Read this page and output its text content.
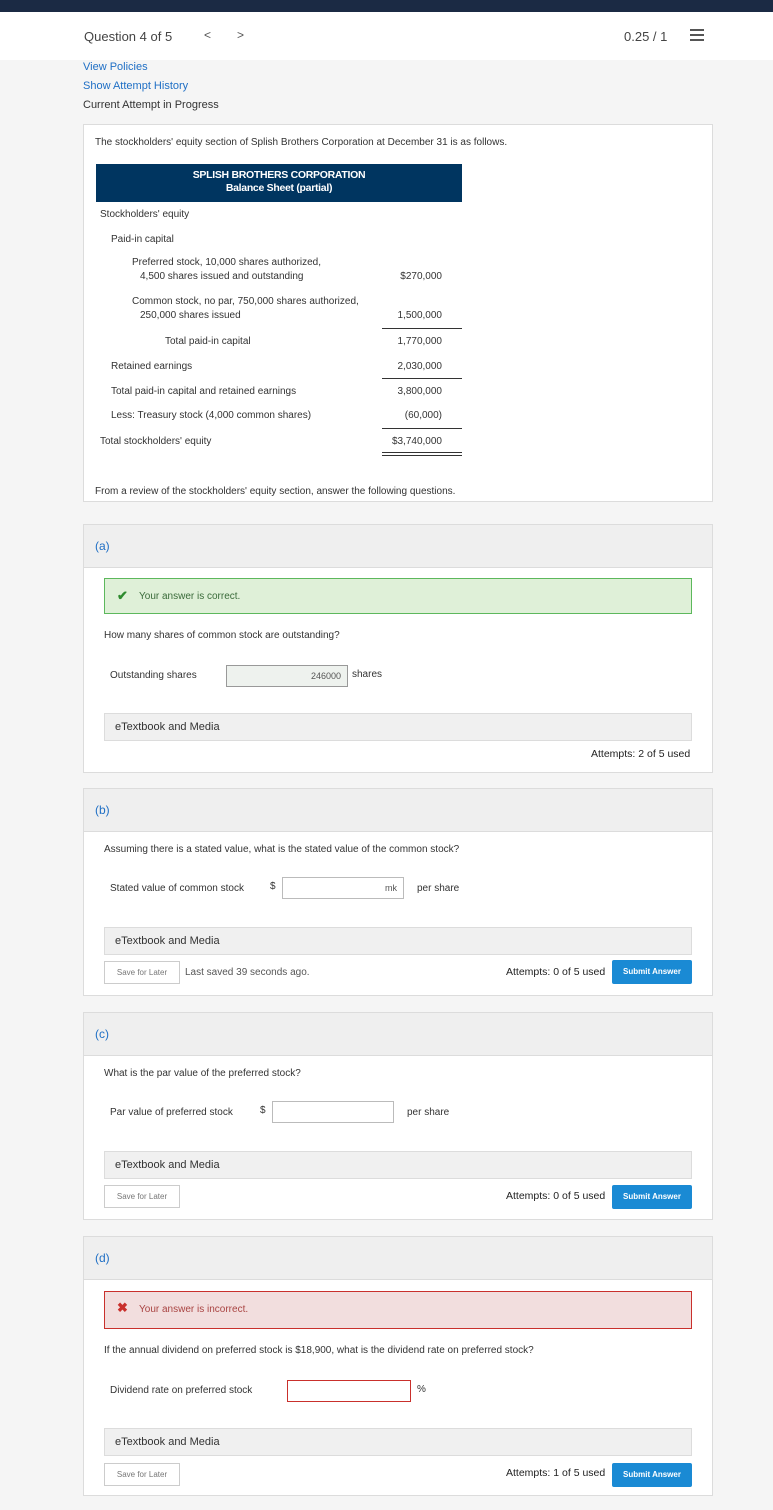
Question 4 of 5	< >	0.25 / 1
View Policies
Show Attempt History
Current Attempt in Progress
The stockholders' equity section of Splish Brothers Corporation at December 31 is as follows.
SPLISH BROTHERS CORPORATION
Balance Sheet (partial)
Stockholders' equity
Paid-in capital
Preferred stock, 10,000 shares authorized,
4,500 shares issued and outstanding	$270,000
Common stock, no par, 750,000 shares authorized,
250,000 shares issued	1,500,000
Total paid-in capital	1,770,000
Retained earnings	2,030,000
Total paid-in capital and retained earnings	3,800,000
Less: Treasury stock (4,000 common shares)	(60,000)
Total stockholders' equity	$3,740,000
From a review of the stockholders' equity section, answer the following questions.
(a)
✔ Your answer is correct.
How many shares of common stock are outstanding?
Outstanding shares	246000	shares
eTextbook and Media
Attempts: 2 of 5 used
(b)
Assuming there is a stated value, what is the stated value of the common stock?
Stated value of common stock	$	mk	per share
eTextbook and Media
Save for Later	Last saved 39 seconds ago.	Attempts: 0 of 5 used	Submit Answer
(c)
What is the par value of the preferred stock?
Par value of preferred stock	$	per share
eTextbook and Media
Save for Later	Attempts: 0 of 5 used	Submit Answer
(d)
✖ Your answer is incorrect.
If the annual dividend on preferred stock is $18,900, what is the dividend rate on preferred stock?
Dividend rate on preferred stock	%
eTextbook and Media
Save for Later	Attempts: 1 of 5 used	Submit Answer
